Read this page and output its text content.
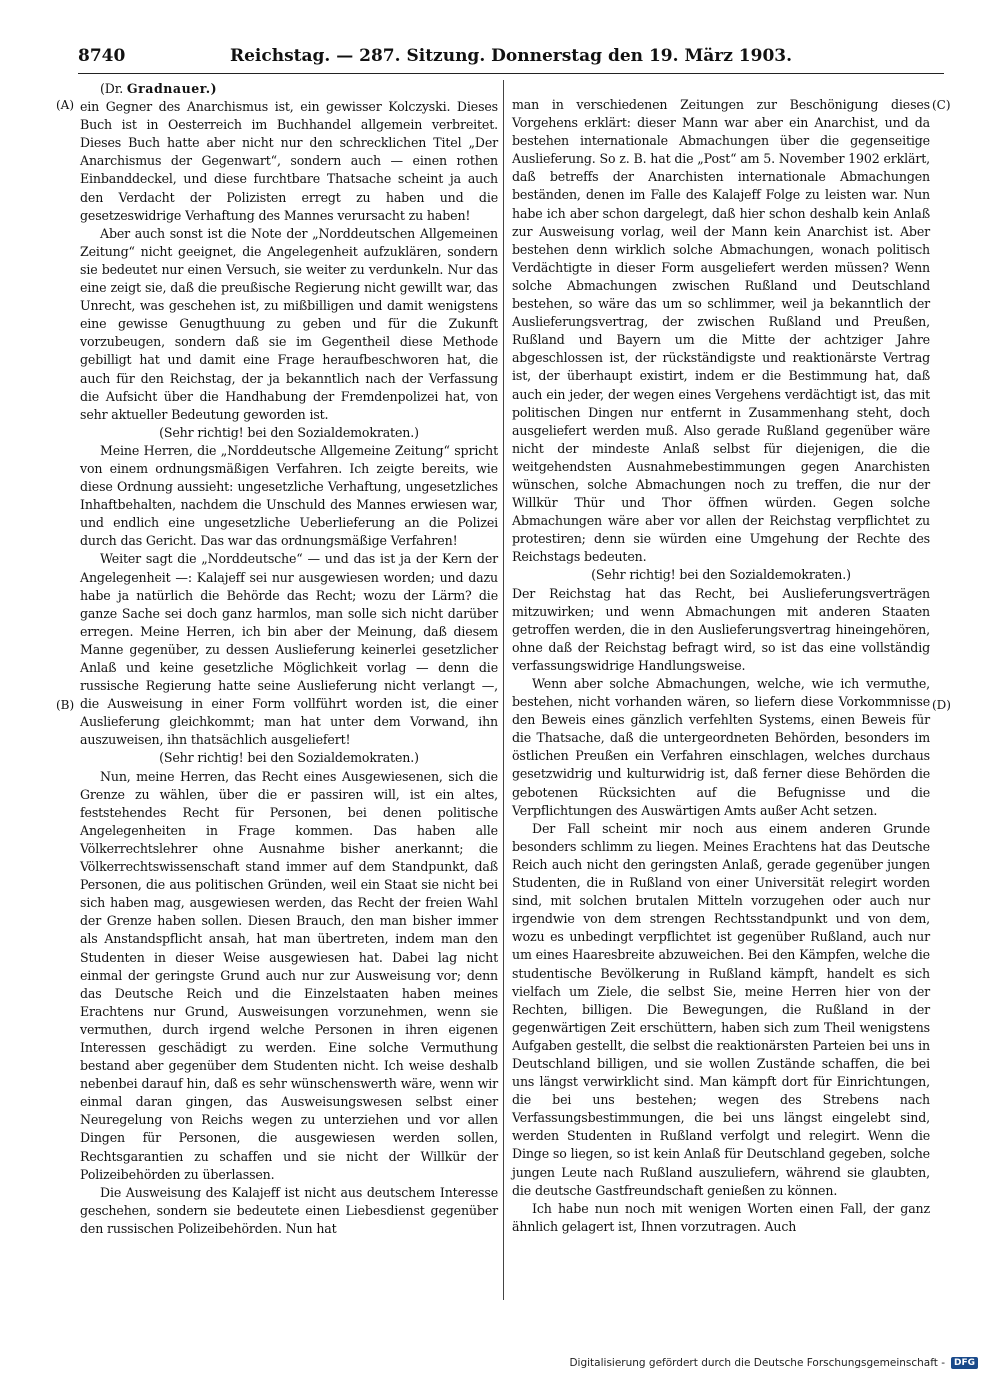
8740	Reichstag. — 287. Sitzung. Donnerstag den 19. März 1903.
(A)
(B)
(C)
(D)

(Dr. Gradnauer.)

ein Gegner des Anarchismus ist, ein gewisser Kolczyski. Dieses Buch ist in Oesterreich im Buchhandel allgemein verbreitet. Dieses Buch hatte aber nicht nur den schrecklichen Titel „Der Anarchismus der Gegenwart“, sondern auch — einen rothen Einbanddeckel, und diese furchtbare Thatsache scheint ja auch den Verdacht der Polizisten erregt zu haben und die gesetzeswidrige Verhaftung des Mannes verursacht zu haben!

Aber auch sonst ist die Note der „Norddeutschen Allgemeinen Zeitung“ nicht geeignet, die Angelegenheit aufzuklären, sondern sie bedeutet nur einen Versuch, sie weiter zu verdunkeln. Nur das eine zeigt sie, daß die preußische Regierung nicht gewillt war, das Unrecht, was geschehen ist, zu mißbilligen und damit wenigstens eine gewisse Genugthuung zu geben und für die Zukunft vorzubeugen, sondern daß sie im Gegentheil diese Methode gebilligt hat und damit eine Frage heraufbeschworen hat, die auch für den Reichstag, der ja bekanntlich nach der Verfassung die Aufsicht über die Handhabung der Fremdenpolizei hat, von sehr aktueller Bedeutung geworden ist.

(Sehr richtig! bei den Sozialdemokraten.)

Meine Herren, die „Norddeutsche Allgemeine Zeitung“ spricht von einem ordnungsmäßigen Verfahren. Ich zeigte bereits, wie diese Ordnung aussieht: ungesetzliche Verhaftung, ungesetzliches Inhaftbehalten, nachdem die Unschuld des Mannes erwiesen war, und endlich eine ungesetzliche Ueberlieferung an die Polizei durch das Gericht. Das war das ordnungsmäßige Verfahren!

Weiter sagt die „Norddeutsche“ — und das ist ja der Kern der Angelegenheit —: Kalajeff sei nur ausgewiesen worden; und dazu habe ja natürlich die Behörde das Recht; wozu der Lärm? die ganze Sache sei doch ganz harmlos, man solle sich nicht darüber erregen. Meine Herren, ich bin aber der Meinung, daß diesem Manne gegenüber, zu dessen Auslieferung keinerlei gesetzlicher Anlaß und keine gesetzliche Möglichkeit vorlag — denn die russische Regierung hatte seine Auslieferung nicht verlangt —, die Ausweisung in einer Form vollführt worden ist, die einer Auslieferung gleichkommt; man hat unter dem Vorwand, ihn auszuweisen, ihn thatsächlich ausgeliefert!

(Sehr richtig! bei den Sozialdemokraten.)

Nun, meine Herren, das Recht eines Ausgewiesenen, sich die Grenze zu wählen, über die er passiren will, ist ein altes, feststehendes Recht für Personen, bei denen politische Angelegenheiten in Frage kommen. Das haben alle Völkerrechtslehrer ohne Ausnahme bisher anerkannt; die Völkerrechtswissenschaft stand immer auf dem Standpunkt, daß Personen, die aus politischen Gründen, weil ein Staat sie nicht bei sich haben mag, ausgewiesen werden, das Recht der freien Wahl der Grenze haben sollen. Diesen Brauch, den man bisher immer als Anstandspflicht ansah, hat man übertreten, indem man den Studenten in dieser Weise ausgewiesen hat. Dabei lag nicht einmal der geringste Grund auch nur zur Ausweisung vor; denn das Deutsche Reich und die Einzelstaaten haben meines Erachtens nur Grund, Ausweisungen vorzunehmen, wenn sie vermuthen, durch irgend welche Personen in ihren eigenen Interessen geschädigt zu werden. Eine solche Vermuthung bestand aber gegenüber dem Studenten nicht. Ich weise deshalb nebenbei darauf hin, daß es sehr wünschenswerth wäre, wenn wir einmal daran gingen, das Ausweisungswesen selbst einer Neuregelung von Reichs wegen zu unterziehen und vor allen Dingen für Personen, die ausgewiesen werden sollen, Rechtsgarantien zu schaffen und sie nicht der Willkür der Polizeibehörden zu überlassen.

Die Ausweisung des Kalajeff ist nicht aus deutschem Interesse geschehen, sondern sie bedeutete einen Liebesdienst gegenüber den russischen Polizeibehörden. Nun hat

man in verschiedenen Zeitungen zur Beschönigung dieses Vorgehens erklärt: dieser Mann war aber ein Anarchist, und da bestehen internationale Abmachungen über die gegenseitige Auslieferung. So z. B. hat die „Post“ am 5. November 1902 erklärt, daß betreffs der Anarchisten internationale Abmachungen beständen, denen im Falle des Kalajeff Folge zu leisten war. Nun habe ich aber schon dargelegt, daß hier schon deshalb kein Anlaß zur Ausweisung vorlag, weil der Mann kein Anarchist ist. Aber bestehen denn wirklich solche Abmachungen, wonach politisch Verdächtigte in dieser Form ausgeliefert werden müssen? Wenn solche Abmachungen zwischen Rußland und Deutschland bestehen, so wäre das um so schlimmer, weil ja bekanntlich der Auslieferungsvertrag, der zwischen Rußland und Preußen, Rußland und Bayern um die Mitte der achtziger Jahre abgeschlossen ist, der rückständigste und reaktionärste Vertrag ist, der überhaupt existirt, indem er die Bestimmung hat, daß auch ein jeder, der wegen eines Vergehens verdächtigt ist, das mit politischen Dingen nur entfernt in Zusammenhang steht, doch ausgeliefert werden muß. Also gerade Rußland gegenüber wäre nicht der mindeste Anlaß selbst für diejenigen, die die weitgehendsten Ausnahmebestimmungen gegen Anarchisten wünschen, solche Abmachungen noch zu treffen, die nur der Willkür Thür und Thor öffnen würden. Gegen solche Abmachungen wäre aber vor allen der Reichstag verpflichtet zu protestiren; denn sie würden eine Umgehung der Rechte des Reichstags bedeuten.

(Sehr richtig! bei den Sozialdemokraten.)

Der Reichstag hat das Recht, bei Auslieferungsverträgen mitzuwirken; und wenn Abmachungen mit anderen Staaten getroffen werden, die in den Auslieferungsvertrag hineingehören, ohne daß der Reichstag befragt wird, so ist das eine vollständig verfassungswidrige Handlungsweise.

Wenn aber solche Abmachungen, welche, wie ich vermuthe, bestehen, nicht vorhanden wären, so liefern diese Vorkommnisse den Beweis eines gänzlich verfehlten Systems, einen Beweis für die Thatsache, daß die untergeordneten Behörden, besonders im östlichen Preußen ein Verfahren einschlagen, welches durchaus gesetzwidrig und kulturwidrig ist, daß ferner diese Behörden die gebotenen Rücksichten auf die Befugnisse und die Verpflichtungen des Auswärtigen Amts außer Acht setzen.

Der Fall scheint mir noch aus einem anderen Grunde besonders schlimm zu liegen. Meines Erachtens hat das Deutsche Reich auch nicht den geringsten Anlaß, gerade gegenüber jungen Studenten, die in Rußland von einer Universität relegirt worden sind, mit solchen brutalen Mitteln vorzugehen oder auch nur irgendwie von dem strengen Rechtsstandpunkt und von dem, wozu es unbedingt verpflichtet ist gegenüber Rußland, auch nur um eines Haaresbreite abzuweichen. Bei den Kämpfen, welche die studentische Bevölkerung in Rußland kämpft, handelt es sich vielfach um Ziele, die selbst Sie, meine Herren hier von der Rechten, billigen. Die Bewegungen, die Rußland in der gegenwärtigen Zeit erschüttern, haben sich zum Theil wenigstens Aufgaben gestellt, die selbst die reaktionärsten Parteien bei uns in Deutschland billigen, und sie wollen Zustände schaffen, die bei uns längst verwirklicht sind. Man kämpft dort für Einrichtungen, die bei uns bestehen; wegen des Strebens nach Verfassungsbestimmungen, die bei uns längst eingelebt sind, werden Studenten in Rußland verfolgt und relegirt. Wenn die Dinge so liegen, so ist kein Anlaß für Deutschland gegeben, solche jungen Leute nach Rußland auszuliefern, während sie glaubten, die deutsche Gastfreundschaft genießen zu können.

Ich habe nun noch mit wenigen Worten einen Fall, der ganz ähnlich gelagert ist, Ihnen vorzutragen. Auch

Digitalisierung gefördert durch die Deutsche Forschungsgemeinschaft -	DFG
